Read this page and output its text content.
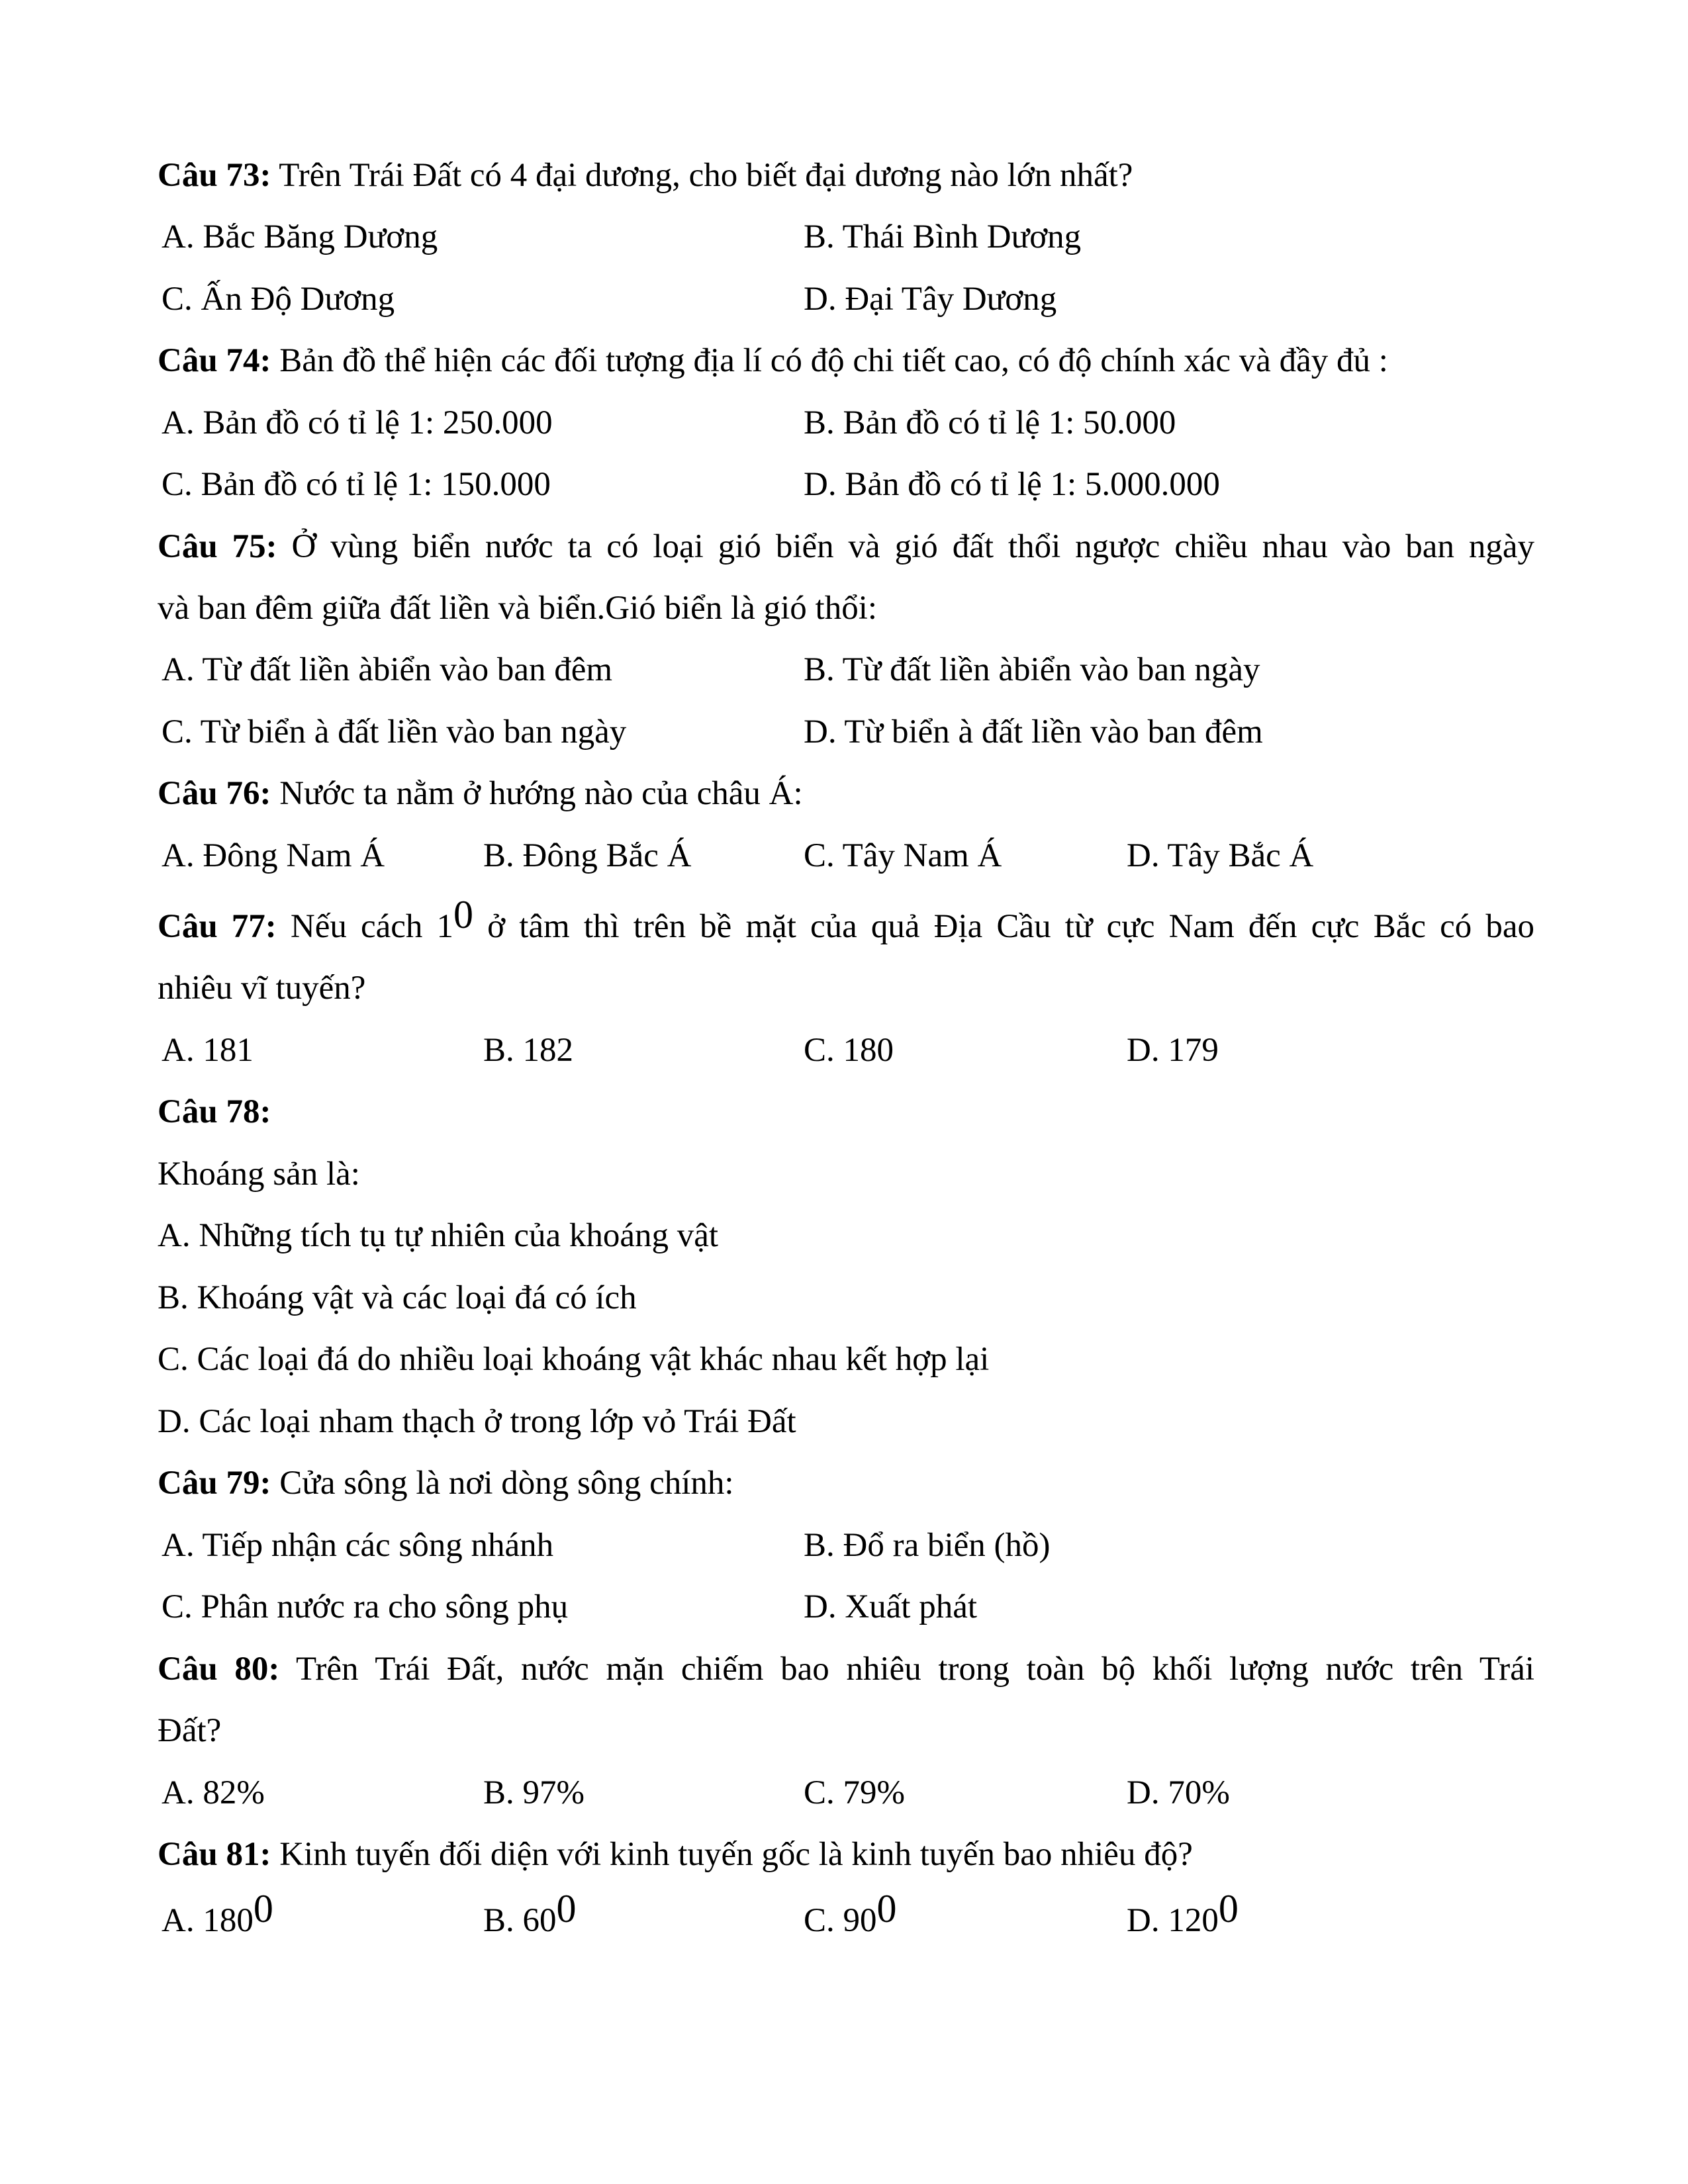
Câu 73: Trên Trái Đất có 4 đại dương, cho biết đại dương nào lớn nhất?
A. Bắc Băng Dương	B. Thái Bình Dương
C. Ấn Độ Dương	D. Đại Tây Dương
Câu 74: Bản đồ thể hiện các đối tượng địa lí có độ chi tiết cao, có độ chính xác và đầy đủ :
A. Bản đồ có tỉ lệ 1: 250.000	B. Bản đồ có tỉ lệ 1: 50.000
C. Bản đồ có tỉ lệ 1: 150.000	D. Bản đồ có tỉ lệ 1: 5.000.000
Câu 75: Ở vùng biển nước ta có loại gió biển và gió đất thổi ngược chiều nhau vào ban ngày
và ban đêm giữa đất liền và biển.Gió biển là gió thổi:
A. Từ đất liền àbiển vào ban đêm	B. Từ đất liền àbiển vào ban ngày
C. Từ biển à đất liền vào ban ngày	D. Từ biển à đất liền vào ban đêm
Câu 76: Nước ta nằm ở hướng nào của châu Á:
A. Đông Nam Á	B. Đông Bắc Á	C. Tây Nam Á	D. Tây Bắc Á
Câu 77: Nếu cách $1^0$ ở tâm thì trên bề mặt của quả Địa Cầu từ cực Nam đến cực Bắc có bao
nhiêu vĩ tuyến?
A. 181	B. 182	C. 180	D. 179
Câu 78:
Khoáng sản là:
A. Những tích tụ tự nhiên của khoáng vật
B. Khoáng vật và các loại đá có ích
C. Các loại đá do nhiều loại khoáng vật khác nhau kết hợp lại
D. Các loại nham thạch ở trong lớp vỏ Trái Đất
Câu 79: Cửa sông là nơi dòng sông chính:
A. Tiếp nhận các sông nhánh	B. Đổ ra biển (hồ)
C. Phân nước ra cho sông phụ	D. Xuất phát
Câu 80: Trên Trái Đất, nước mặn chiếm bao nhiêu trong toàn bộ khối lượng nước trên Trái
Đất?
A. 82%	B. 97%	C. 79%	D. 70%
Câu 81: Kinh tuyến đối diện với kinh tuyến gốc là kinh tuyến bao nhiêu độ?
A. $180^0$	B. $60^0$	C. $90^0$	D. $120^0$
